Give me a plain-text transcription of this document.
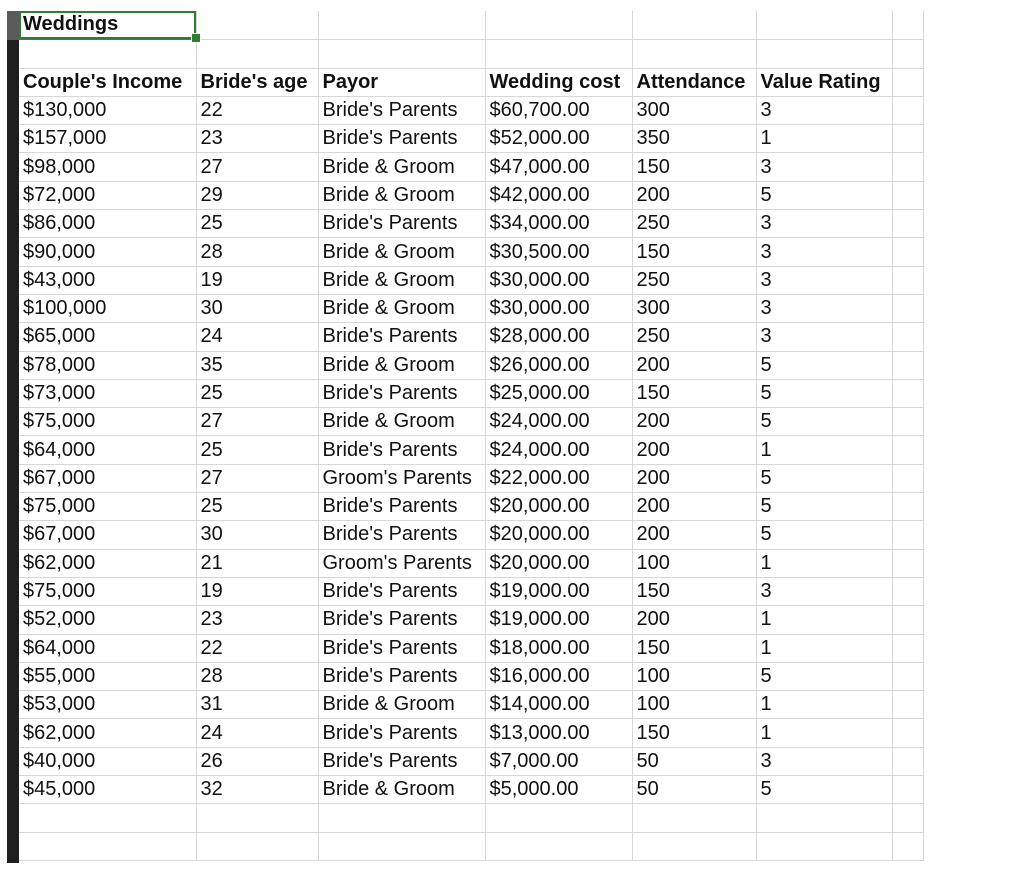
Weddings

Couple's Income	Bride's age	Payor	Wedding cost	Attendance	Value Rating	
$130,000	22	Bride's Parents	$60,700.00	300	3	
$157,000	23	Bride's Parents	$52,000.00	350	1	
$98,000	27	Bride & Groom	$47,000.00	150	3	
$72,000	29	Bride & Groom	$42,000.00	200	5	
$86,000	25	Bride's Parents	$34,000.00	250	3	
$90,000	28	Bride & Groom	$30,500.00	150	3	
$43,000	19	Bride & Groom	$30,000.00	250	3	
$100,000	30	Bride & Groom	$30,000.00	300	3	
$65,000	24	Bride's Parents	$28,000.00	250	3	
$78,000	35	Bride & Groom	$26,000.00	200	5	
$73,000	25	Bride's Parents	$25,000.00	150	5	
$75,000	27	Bride & Groom	$24,000.00	200	5	
$64,000	25	Bride's Parents	$24,000.00	200	1	
$67,000	27	Groom's Parents	$22,000.00	200	5	
$75,000	25	Bride's Parents	$20,000.00	200	5	
$67,000	30	Bride's Parents	$20,000.00	200	5	
$62,000	21	Groom's Parents	$20,000.00	100	1	
$75,000	19	Bride's Parents	$19,000.00	150	3	
$52,000	23	Bride's Parents	$19,000.00	200	1	
$64,000	22	Bride's Parents	$18,000.00	150	1	
$55,000	28	Bride's Parents	$16,000.00	100	5	
$53,000	31	Bride & Groom	$14,000.00	100	1	
$62,000	24	Bride's Parents	$13,000.00	150	1	
$40,000	26	Bride's Parents	$7,000.00	50	3	
$45,000	32	Bride & Groom	$5,000.00	50	5	
